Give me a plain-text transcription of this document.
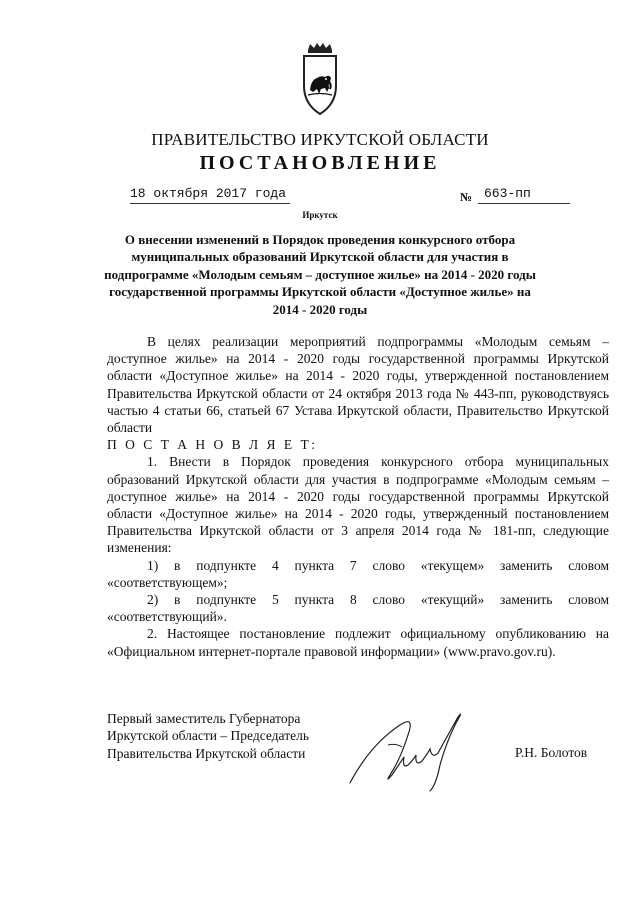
ПРАВИТЕЛЬСТВО ИРКУТСКОЙ ОБЛАСТИ
ПОСТАНОВЛЕНИЕ
18 октября 2017 года	№ 663-пп
Иркутск
О внесении изменений в Порядок проведения конкурсного отбора муниципальных образований Иркутской области для участия в подпрограмме «Молодым семьям – доступное жилье» на 2014 - 2020 годы государственной программы Иркутской области «Доступное жилье» на 2014 - 2020 годы

В целях реализации мероприятий подпрограммы «Молодым семьям – доступное жилье» на 2014 - 2020 годы государственной программы Иркутской области «Доступное жилье» на 2014 - 2020 годы, утвержденной постановлением Правительства Иркутской области от 24 октября 2013 года № 443-пп, руководствуясь частью 4 статьи 66, статьей 67 Устава Иркутской области, Правительство Иркутской области

П О С Т А Н О В Л Я Е Т:

1. Внести в Порядок проведения конкурсного отбора муниципальных образований Иркутской области для участия в подпрограмме «Молодым семьям – доступное жилье» на 2014 - 2020 годы государственной программы Иркутской области «Доступное жилье» на 2014 - 2020 годы, утвержденный постановлением Правительства Иркутской области от 3 апреля 2014 года № 181-пп, следующие изменения:

1) в подпункте 4 пункта 7 слово «текущем» заменить словом «соответствующем»;

2) в подпункте 5 пункта 8 слово «текущий» заменить словом «соответствующий».

2. Настоящее постановление подлежит официальному опубликованию на «Официальном интернет-портале правовой информации» (www.pravo.gov.ru).

Первый заместитель Губернатора
Иркутской области – Председатель
Правительства Иркутской области	Р.Н. Болотов
